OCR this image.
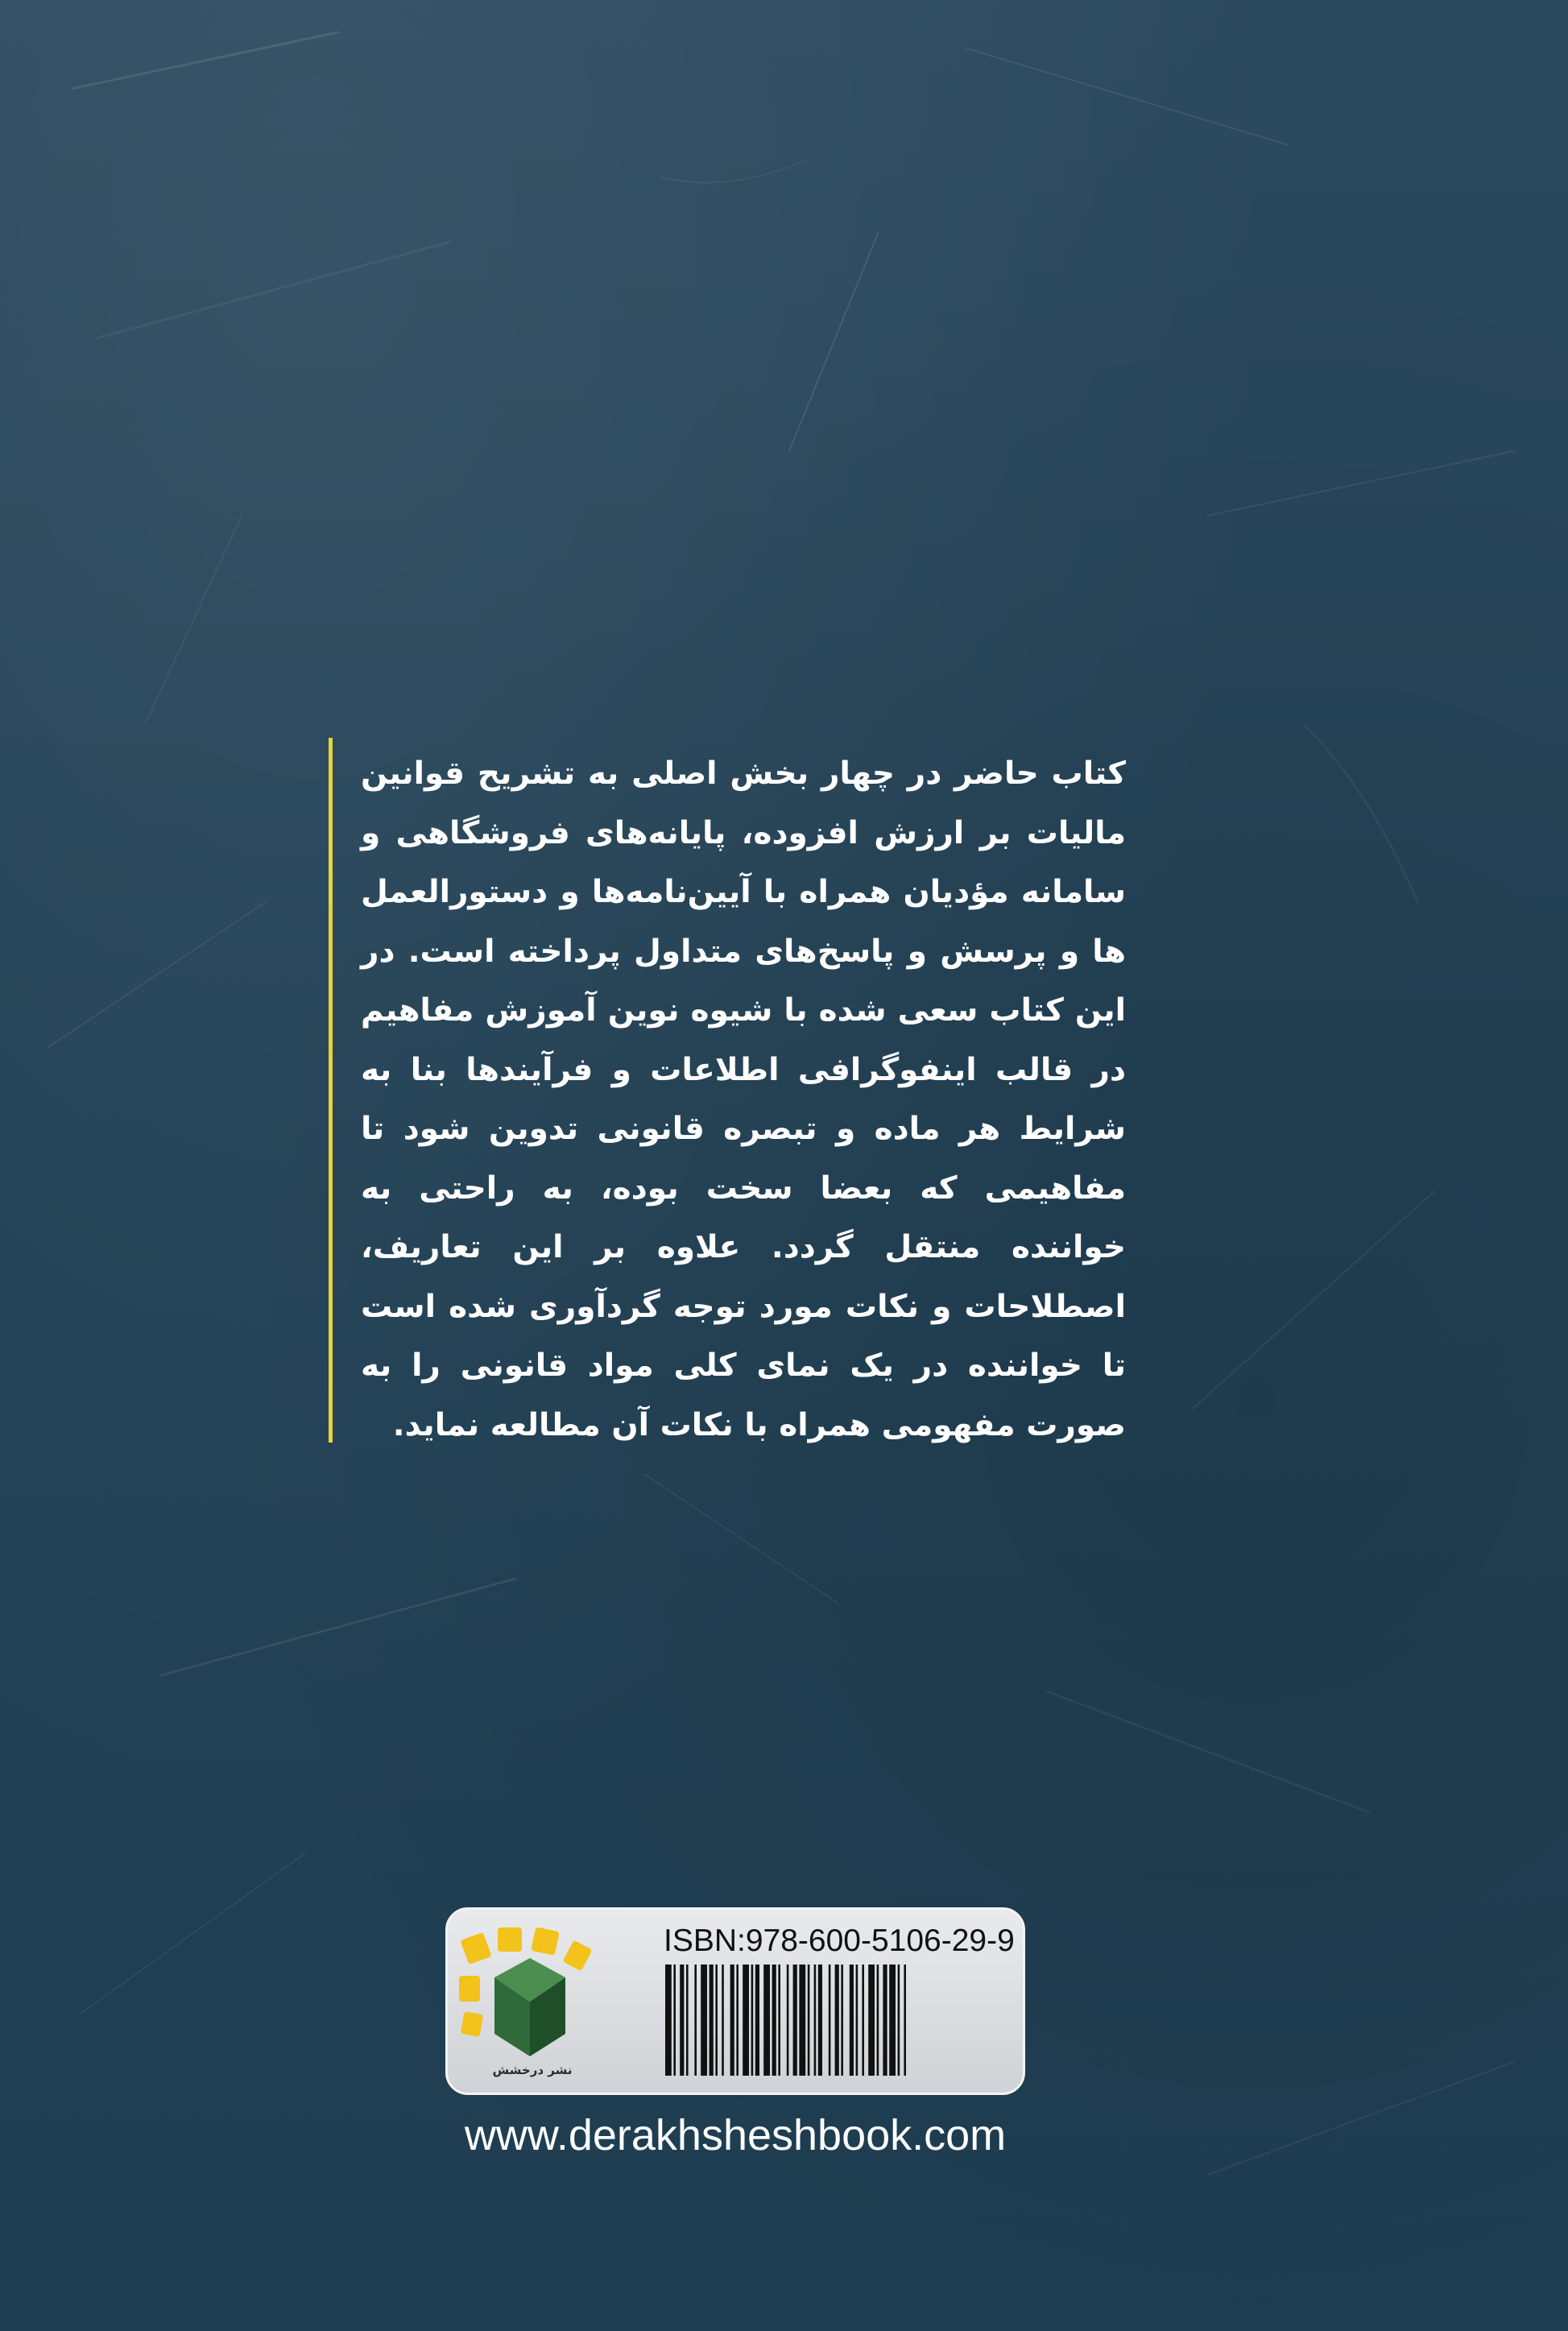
کتاب حاضر در چهار بخش اصلی به تشریح قوانین مالیات بر ارزش افزوده، پایانه‌های فروشگاهی و سامانه مؤدیان همراه با آیین‌نامه‌ها و دستورالعمل ها و پرسش و پاسخ‌های متداول پرداخته است. در این کتاب سعی شده با شیوه نوین آموزش مفاهیم در قالب اینفوگرافی اطلاعات و فرآیندها بنا به شرایط هر ماده و تبصره قانونی تدوین شود تا مفاهیمی که بعضا سخت بوده، به راحتی به خواننده منتقل گردد. علاوه بر این تعاریف، اصطلاحات و نکات مورد توجه گردآوری شده است تا خواننده در یک نمای کلی مواد قانونی را به صورت مفهومی همراه با نکات آن مطالعه نماید.

نشر درخشش
ISBN:978-600-5106-29-9
www.derakhsheshbook.com
